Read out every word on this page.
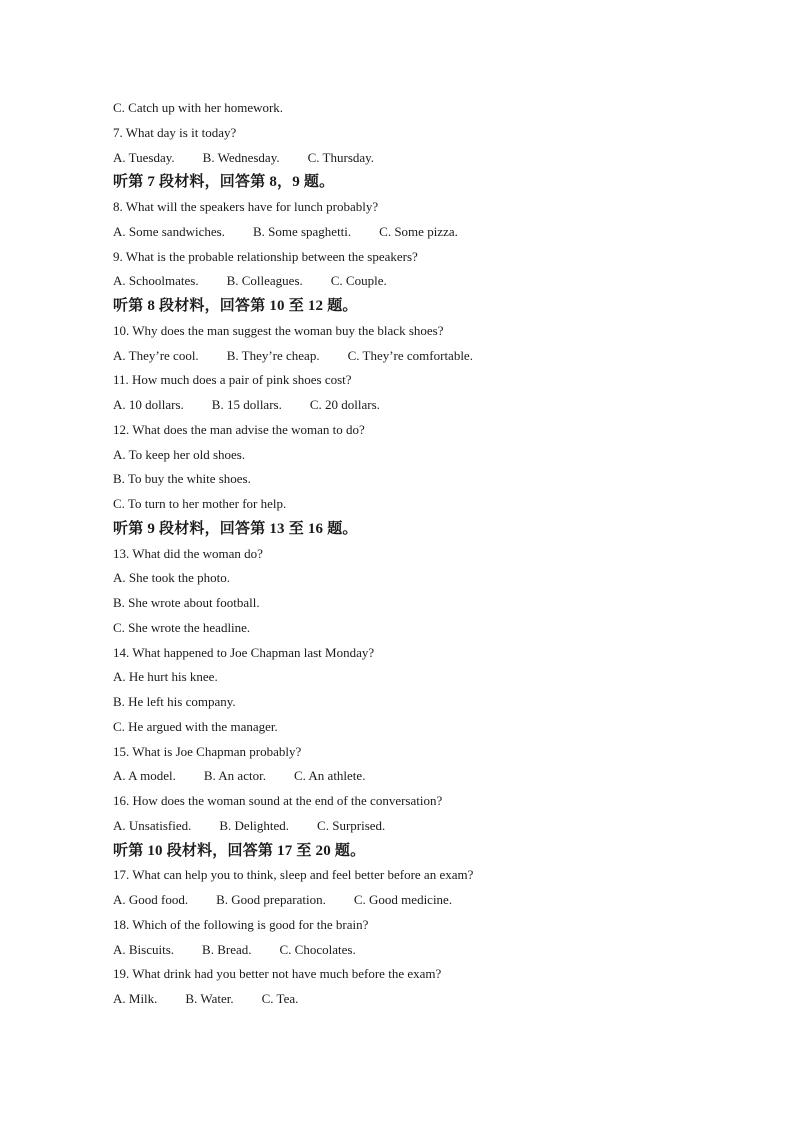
C. Catch up with her homework.
7. What day is it today?
A. Tuesday. B. Wednesday. C. Thursday.
听第 7 段材料，回答第 8，9 题。
8. What will the speakers have for lunch probably?
A. Some sandwiches. B. Some spaghetti. C. Some pizza.
9. What is the probable relationship between the speakers?
A. Schoolmates. B. Colleagues. C. Couple.
听第 8 段材料，回答第 10 至 12 题。
10. Why does the man suggest the woman buy the black shoes?
A. They’re cool. B. They’re cheap. C. They’re comfortable.
11. How much does a pair of pink shoes cost?
A. 10 dollars. B. 15 dollars. C. 20 dollars.
12. What does the man advise the woman to do?
A. To keep her old shoes.
B. To buy the white shoes.
C. To turn to her mother for help.
听第 9 段材料，回答第 13 至 16 题。
13. What did the woman do?
A. She took the photo.
B. She wrote about football.
C. She wrote the headline.
14. What happened to Joe Chapman last Monday?
A. He hurt his knee.
B. He left his company.
C. He argued with the manager.
15. What is Joe Chapman probably?
A. A model. B. An actor. C. An athlete.
16. How does the woman sound at the end of the conversation?
A. Unsatisfied. B. Delighted. C. Surprised.
听第 10 段材料，回答第 17 至 20 题。
17. What can help you to think, sleep and feel better before an exam?
A. Good food. B. Good preparation. C. Good medicine.
18. Which of the following is good for the brain?
A. Biscuits. B. Bread. C. Chocolates.
19. What drink had you better not have much before the exam?
A. Milk. B. Water. C. Tea.
